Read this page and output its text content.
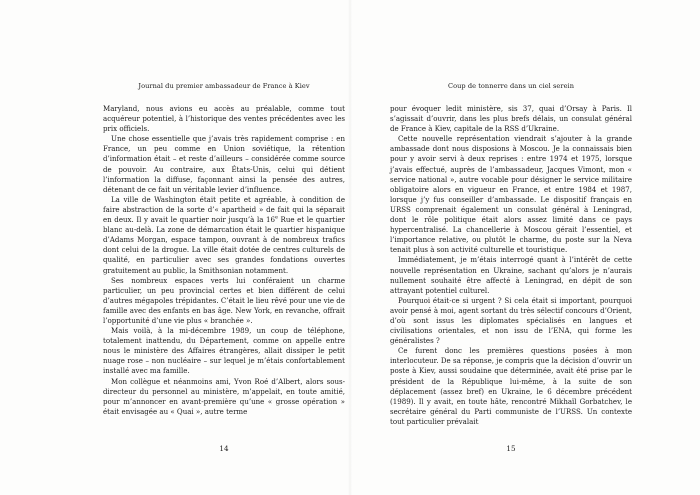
Journal du premier ambassadeur de France à Kiev

Maryland, nous avions eu accès au préalable, comme tout acquéreur potentiel, à l’historique des ventes précédentes avec les prix officiels.

Une chose essentielle que j’avais très rapidement comprise : en France, un peu comme en Union soviétique, la rétention d’information était – et reste d’ailleurs – considérée comme source de pouvoir. Au contraire, aux États-Unis, celui qui détient l’information la diffuse, façonnant ainsi la pensée des autres, détenant de ce fait un véritable levier d’influence.

La ville de Washington était petite et agréable, à condition de faire abstraction de la sorte d’« apartheid » de fait qui la séparait en deux. Il y avait le quartier noir jusqu’à la 16e Rue et le quartier blanc au-delà. La zone de démarcation était le quartier hispanique d’Adams Morgan, espace tampon, ouvrant à de nombreux trafics dont celui de la drogue. La ville était dotée de centres culturels de qualité, en particulier avec ses grandes fondations ouvertes gratuitement au public, la Smithsonian notamment.

Ses nombreux espaces verts lui conféraient un charme particulier, un peu provincial certes et bien différent de celui d’autres mégapoles trépidantes. C’était le lieu rêvé pour une vie de famille avec des enfants en bas âge. New York, en revanche, offrait l’opportunité d’une vie plus « branchée ».

Mais voilà, à la mi-décembre 1989, un coup de téléphone, totalement inattendu, du Département, comme on appelle entre nous le ministère des Affaires étrangères, allait dissiper le petit nuage rose – non nucléaire – sur lequel je m’étais confortablement installé avec ma famille.

Mon collègue et néanmoins ami, Yvon Roé d’Albert, alors sous-directeur du personnel au ministère, m’appelait, en toute amitié, pour m’annoncer en avant-première qu’une « grosse opération » était envisagée au « Quai », autre terme

14
Coup de tonnerre dans un ciel serein

pour évoquer ledit ministère, sis 37, quai d’Orsay à Paris. Il s’agissait d’ouvrir, dans les plus brefs délais, un consulat général de France à Kiev, capitale de la RSS d’Ukraine.

Cette nouvelle représentation viendrait s’ajouter à la grande ambassade dont nous disposions à Moscou. Je la connaissais bien pour y avoir servi à deux reprises : entre 1974 et 1975, lorsque j’avais effectué, auprès de l’ambassadeur, Jacques Vimont, mon « service national », autre vocable pour désigner le service militaire obligatoire alors en vigueur en France, et entre 1984 et 1987, lorsque j’y fus conseiller d’ambassade. Le dispositif français en URSS comprenait également un consulat général à Leningrad, dont le rôle politique était alors assez limité dans ce pays hypercentralisé. La chancellerie à Moscou gérait l’essentiel, et l’importance relative, ou plutôt le charme, du poste sur la Neva tenait plus à son activité culturelle et touristique.

Immédiatement, je m’étais interrogé quant à l’intérêt de cette nouvelle représentation en Ukraine, sachant qu’alors je n’aurais nullement souhaité être affecté à Leningrad, en dépit de son attrayant potentiel culturel.

Pourquoi était-ce si urgent ? Si cela était si important, pourquoi avoir pensé à moi, agent sortant du très sélectif concours d’Orient, d’où sont issus les diplomates spécialisés en langues et civilisations orientales, et non issu de l’ENA, qui forme les généralistes ?

Ce furent donc les premières questions posées à mon interlocuteur. De sa réponse, je compris que la décision d’ouvrir un poste à Kiev, aussi soudaine que déterminée, avait été prise par le président de la République lui-même, à la suite de son déplacement (assez bref) en Ukraine, le 6 décembre précédent (1989). Il y avait, en toute hâte, rencontré Mikhaïl Gorbatchev, le secrétaire général du Parti communiste de l’URSS. Un contexte tout particulier prévalait

15
